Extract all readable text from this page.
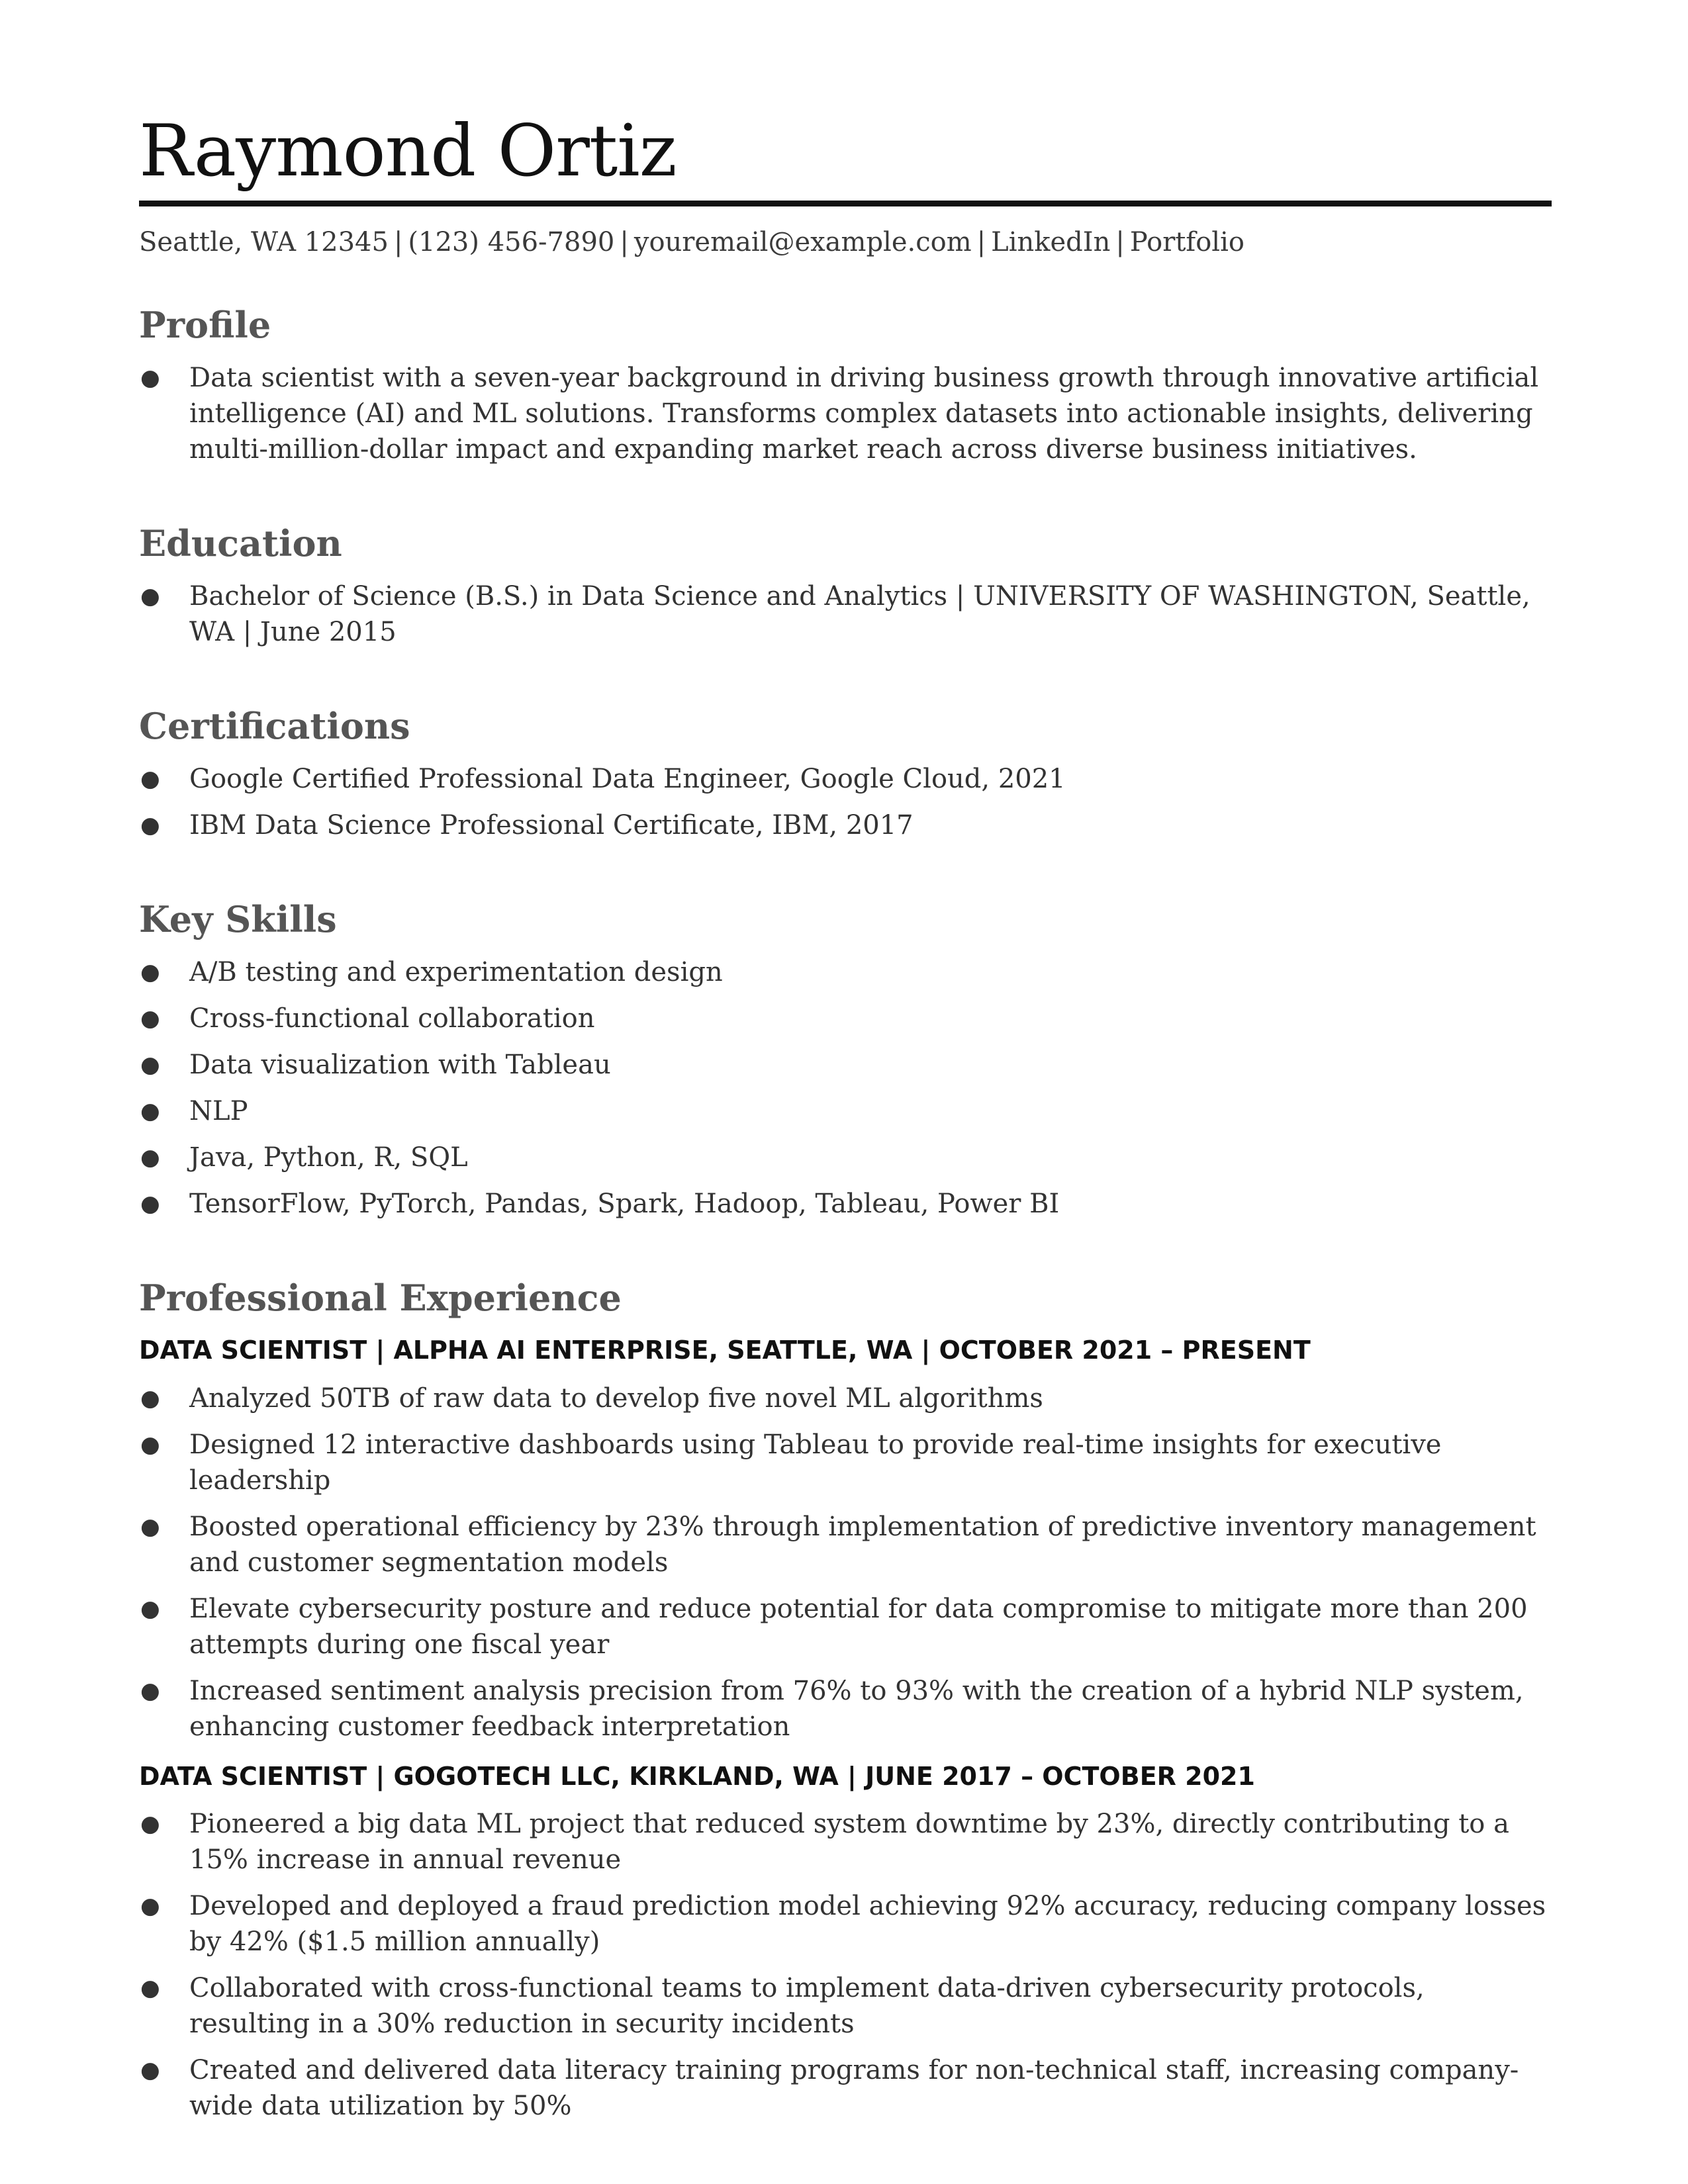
Raymond Ortiz
Seattle, WA 12345 | (123) 456-7890 | youremail@example.com | LinkedIn | Portfolio
Profile
● Data scientist with a seven-year background in driving business growth through innovative artificial intelligence (AI) and ML solutions. Transforms complex datasets into actionable insights, delivering multi-million-dollar impact and expanding market reach across diverse business initiatives.
Education
● Bachelor of Science (B.S.) in Data Science and Analytics | UNIVERSITY OF WASHINGTON, Seattle, WA | June 2015
Certifications
● Google Certified Professional Data Engineer, Google Cloud, 2021
● IBM Data Science Professional Certificate, IBM, 2017
Key Skills
● A/B testing and experimentation design
● Cross-functional collaboration
● Data visualization with Tableau
● NLP
● Java, Python, R, SQL
● TensorFlow, PyTorch, Pandas, Spark, Hadoop, Tableau, Power BI
Professional Experience
DATA SCIENTIST | ALPHA AI ENTERPRISE, SEATTLE, WA | OCTOBER 2021 – PRESENT
● Analyzed 50TB of raw data to develop five novel ML algorithms
● Designed 12 interactive dashboards using Tableau to provide real-time insights for executive leadership
● Boosted operational efficiency by 23% through implementation of predictive inventory management and customer segmentation models
● Elevate cybersecurity posture and reduce potential for data compromise to mitigate more than 200 attempts during one fiscal year
● Increased sentiment analysis precision from 76% to 93% with the creation of a hybrid NLP system, enhancing customer feedback interpretation
DATA SCIENTIST | GOGOTECH LLC, KIRKLAND, WA | JUNE 2017 – OCTOBER 2021
● Pioneered a big data ML project that reduced system downtime by 23%, directly contributing to a 15% increase in annual revenue
● Developed and deployed a fraud prediction model achieving 92% accuracy, reducing company losses by 42% ($1.5 million annually)
● Collaborated with cross-functional teams to implement data-driven cybersecurity protocols, resulting in a 30% reduction in security incidents
● Created and delivered data literacy training programs for non-technical staff, increasing company-wide data utilization by 50%
